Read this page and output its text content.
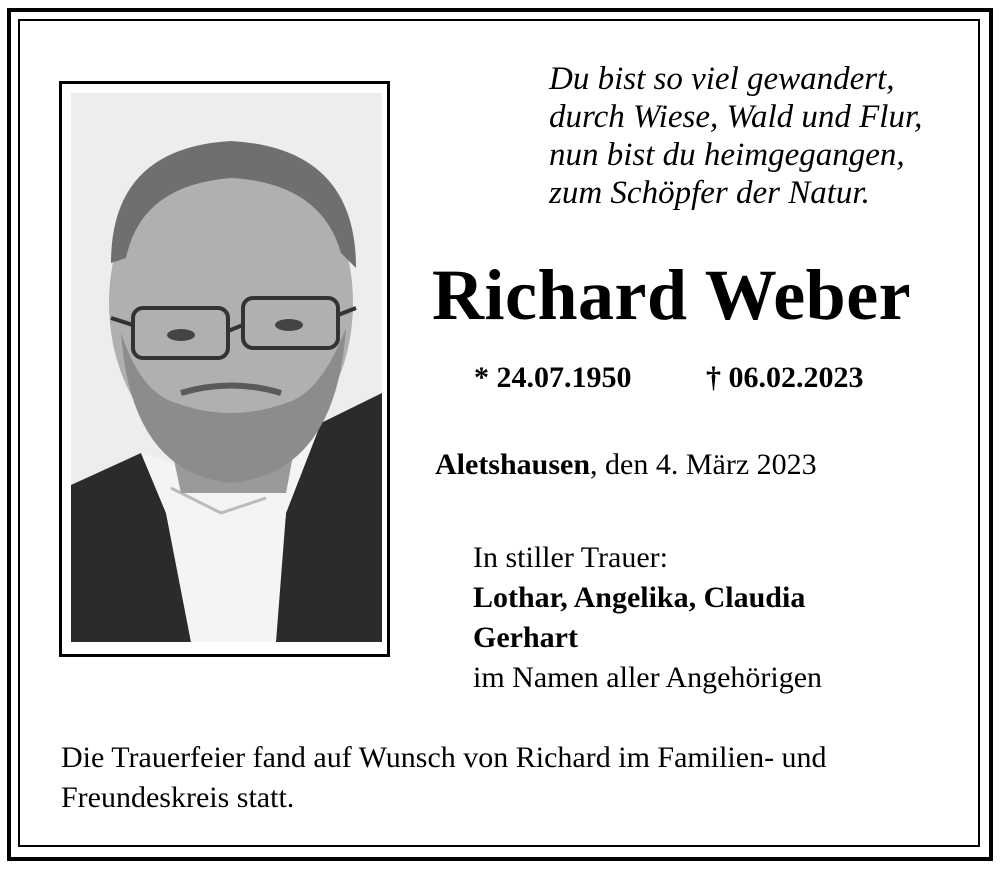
Du bist so viel gewandert,
durch Wiese, Wald und Flur,
nun bist du heimgegangen,
zum Schöpfer der Natur.
Richard Weber
* 24.07.1950 † 06.02.2023
Aletshausen, den 4. März 2023
In stiller Trauer:
Lothar, Angelika, Claudia
Gerhart
im Namen aller Angehörigen
Die Trauerfeier fand auf Wunsch von Richard im Familien- und Freundeskreis statt.
